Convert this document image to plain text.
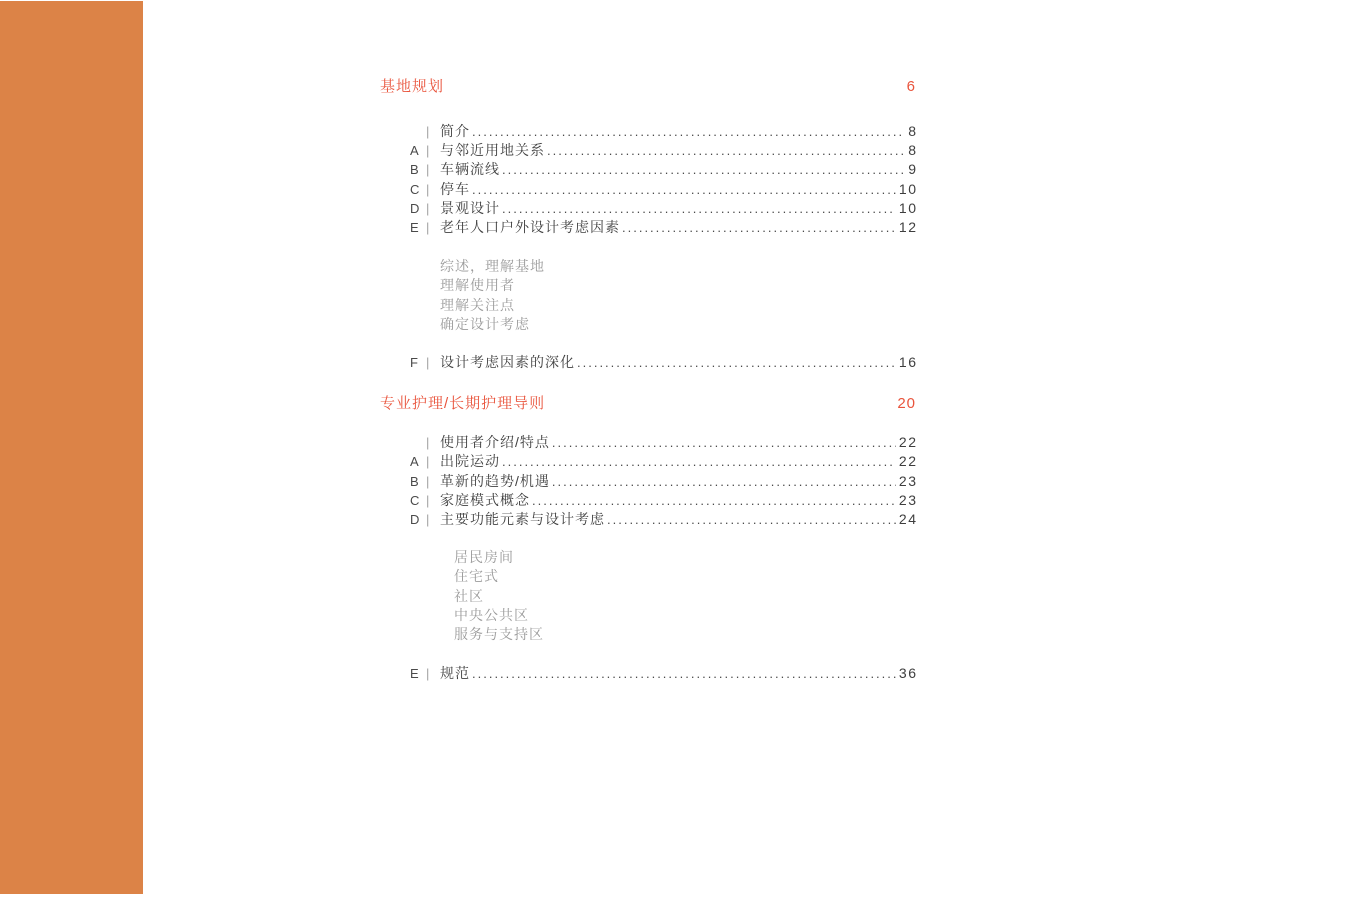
基地规划	6
| 简介 .....	8
A | 与邻近用地关系 .....	8
B | 车辆流线 .....	9
C | 停车 .....	10
D | 景观设计 .....	10
E | 老年人口户外设计考虑因素 .....	12
综述，理解基地
理解使用者
理解关注点
确定设计考虑
F | 设计考虑因素的深化 .....	16
专业护理/长期护理导则	20
| 使用者介绍/特点 .....	22
A | 出院运动 .....	22
B | 革新的趋势/机遇 .....	23
C | 家庭模式概念 .....	23
D | 主要功能元素与设计考虑 .....	24
居民房间
住宅式
社区
中央公共区
服务与支持区
E | 规范 .....	36
